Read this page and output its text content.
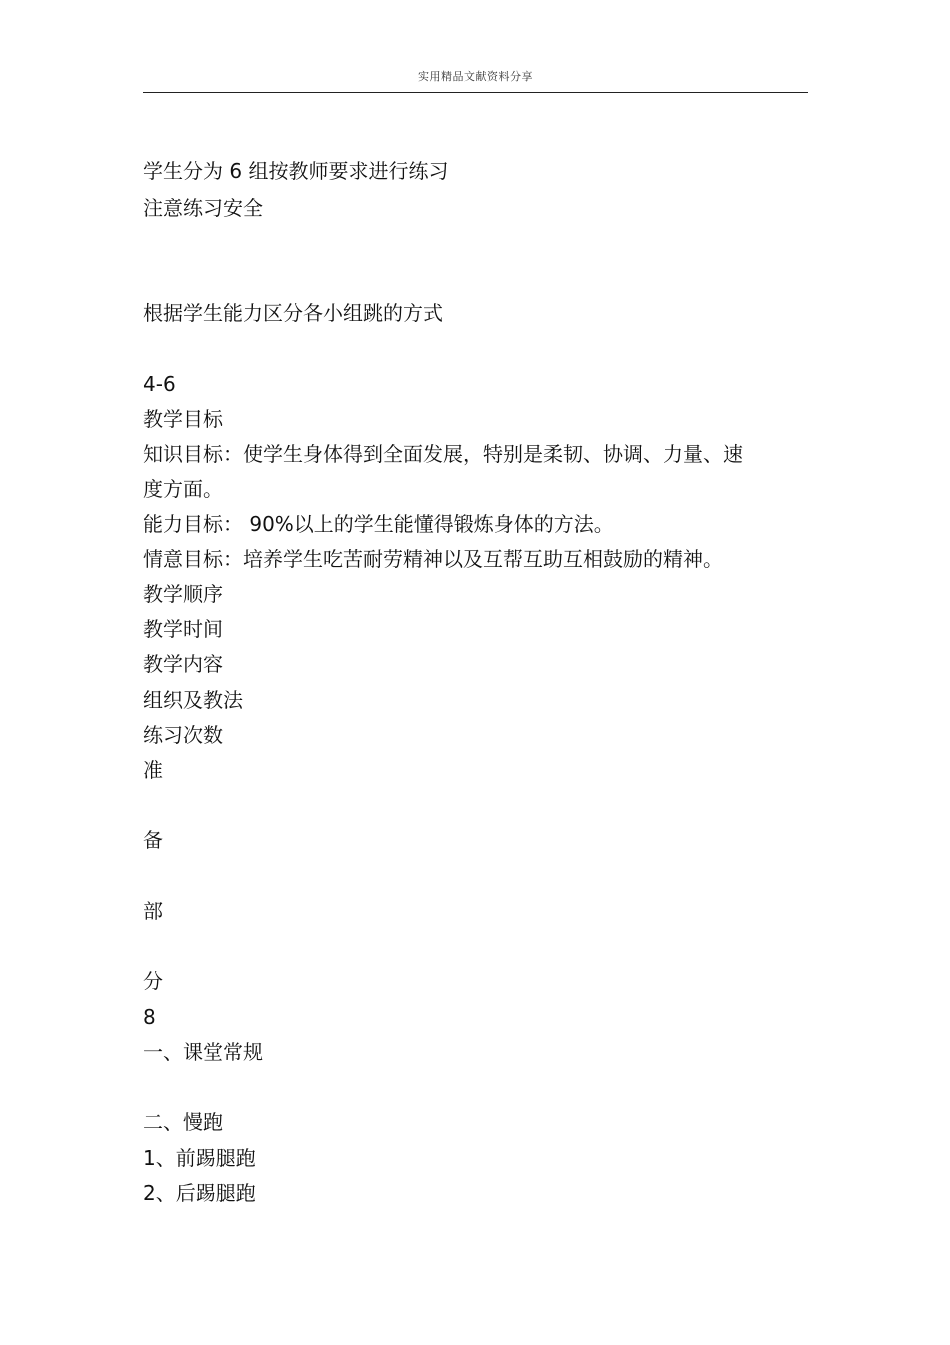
实用精品文献资料分享
学生分为 6 组按教师要求进行练习
注意练习安全
根据学生能力区分各小组跳的方式
4-6
教学目标
知识目标：使学生身体得到全面发展，特别是柔韧、协调、力量、速
度方面。
能力目标： 90%以上的学生能懂得锻炼身体的方法。
情意目标：培养学生吃苦耐劳精神以及互帮互助互相鼓励的精神。
教学顺序
教学时间
教学内容
组织及教法
练习次数
准
备
部
分
8
一、课堂常规
二、慢跑
1、前踢腿跑
2、后踢腿跑
